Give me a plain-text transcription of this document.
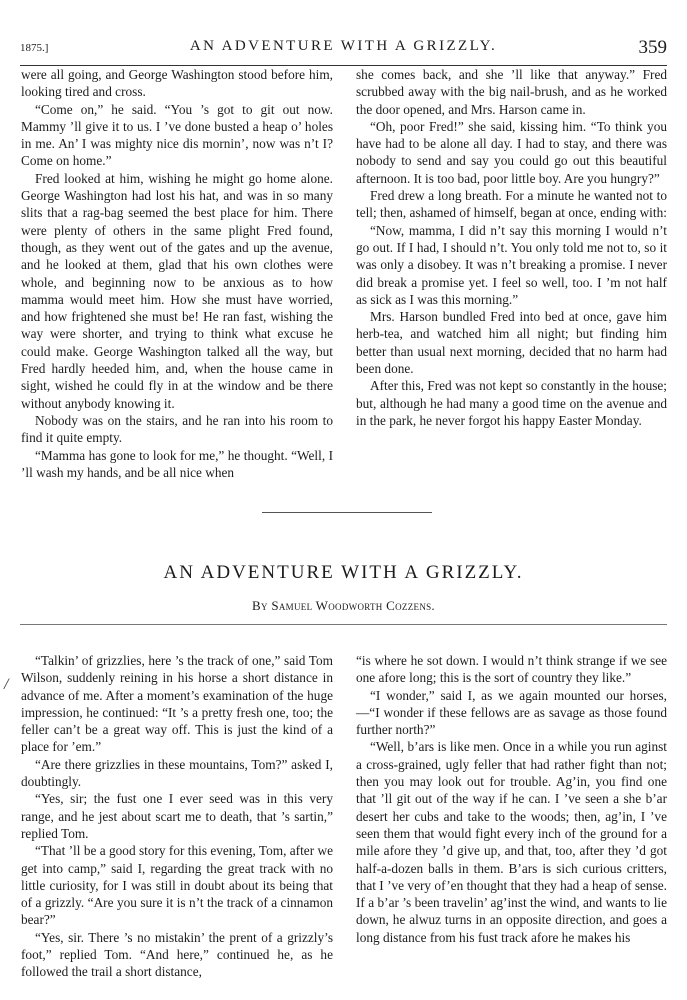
1875.]	AN ADVENTURE WITH A GRIZZLY.	359

were all going, and George Washington stood before him, looking tired and cross.

“Come on,” he said. “You ’s got to git out now. Mammy ’ll give it to us. I ’ve done busted a heap o’ holes in me. An’ I was mighty nice dis mornin’, now was n’t I? Come on home.”

Fred looked at him, wishing he might go home alone. George Washington had lost his hat, and was in so many slits that a rag-bag seemed the best place for him. There were plenty of others in the same plight Fred found, though, as they went out of the gates and up the avenue, and he looked at them, glad that his own clothes were whole, and beginning now to be anxious as to how mamma would meet him. How she must have worried, and how frightened she must be! He ran fast, wishing the way were shorter, and trying to think what excuse he could make. George Washington talked all the way, but Fred hardly heeded him, and, when the house came in sight, wished he could fly in at the window and be there without anybody knowing it.

Nobody was on the stairs, and he ran into his room to find it quite empty.

“Mamma has gone to look for me,” he thought. “Well, I ’ll wash my hands, and be all nice when

she comes back, and she ’ll like that anyway.” Fred scrubbed away with the big nail-brush, and as he worked the door opened, and Mrs. Harson came in.

“Oh, poor Fred!” she said, kissing him. “To think you have had to be alone all day. I had to stay, and there was nobody to send and say you could go out this beautiful afternoon. It is too bad, poor little boy. Are you hungry?”

Fred drew a long breath. For a minute he wanted not to tell; then, ashamed of himself, began at once, ending with:

“Now, mamma, I did n’t say this morning I would n’t go out. If I had, I should n’t. You only told me not to, so it was only a disobey. It was n’t breaking a promise. I never did break a promise yet. I feel so well, too. I ’m not half as sick as I was this morning.”

Mrs. Harson bundled Fred into bed at once, gave him herb-tea, and watched him all night; but finding him better than usual next morning, decided that no harm had been done.

After this, Fred was not kept so constantly in the house; but, although he had many a good time on the avenue and in the park, he never forgot his happy Easter Monday.

AN ADVENTURE WITH A GRIZZLY.
By Samuel Woodworth Cozzens.
/

“Talkin’ of grizzlies, here ’s the track of one,” said Tom Wilson, suddenly reining in his horse a short distance in advance of me. After a moment’s examination of the huge impression, he continued: “It ’s a pretty fresh one, too; the feller can’t be a great way off. This is just the kind of a place for ’em.”

“Are there grizzlies in these mountains, Tom?” asked I, doubtingly.

“Yes, sir; the fust one I ever seed was in this very range, and he jest about scart me to death, that ’s sartin,” replied Tom.

“That ’ll be a good story for this evening, Tom, after we get into camp,” said I, regarding the great track with no little curiosity, for I was still in doubt about its being that of a grizzly. “Are you sure it is n’t the track of a cinnamon bear?”

“Yes, sir. There ’s no mistakin’ the prent of a grizzly’s foot,” replied Tom. “And here,” continued he, as he followed the trail a short distance,

“is where he sot down. I would n’t think strange if we see one afore long; this is the sort of country they like.”

“I wonder,” said I, as we again mounted our horses,—“I wonder if these fellows are as savage as those found further north?”

“Well, b’ars is like men. Once in a while you run aginst a cross-grained, ugly feller that had rather fight than not; then you may look out for trouble. Ag’in, you find one that ’ll git out of the way if he can. I ’ve seen a she b’ar desert her cubs and take to the woods; then, ag’in, I ’ve seen them that would fight every inch of the ground for a mile afore they ’d give up, and that, too, after they ’d got half-a-dozen balls in them. B’ars is sich curious critters, that I ’ve very of’en thought that they had a heap of sense. If a b’ar ’s been travelin’ ag’inst the wind, and wants to lie down, he alwuz turns in an opposite direction, and goes a long distance from his fust track afore he makes his
